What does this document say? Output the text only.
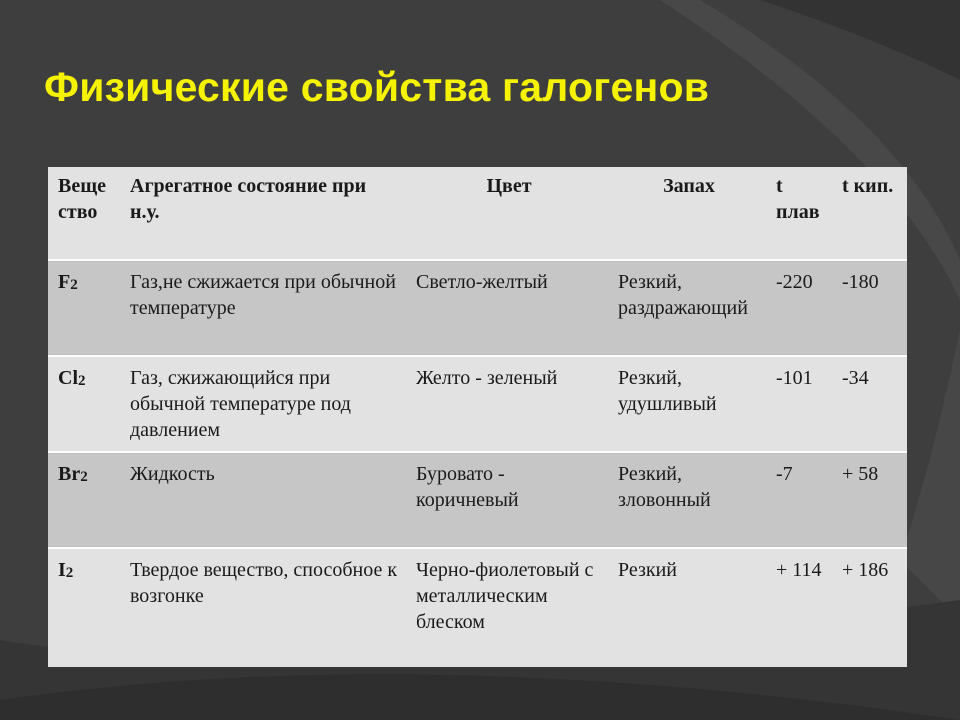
Физические свойства галогенов
Вещество	Агрегатное состояние при н.у.	Цвет	Запах	t плав	t кип.
$F_2$	Газ,не сжижается при обычной температуре	Светло-желтый	Резкий, раздражающий	-220	-180
$Cl_2$	Газ, сжижающийся при обычной температуре под давлением	Желто - зеленый	Резкий, удушливый	-101	-34
$Br_2$	Жидкость	Буровато - коричневый	Резкий, зловонный	-7	+ 58
$I_2$	Твердое вещество, способное к возгонке	Черно-фиолетовый с металлическим блеском	Резкий	+ 114	+ 186
